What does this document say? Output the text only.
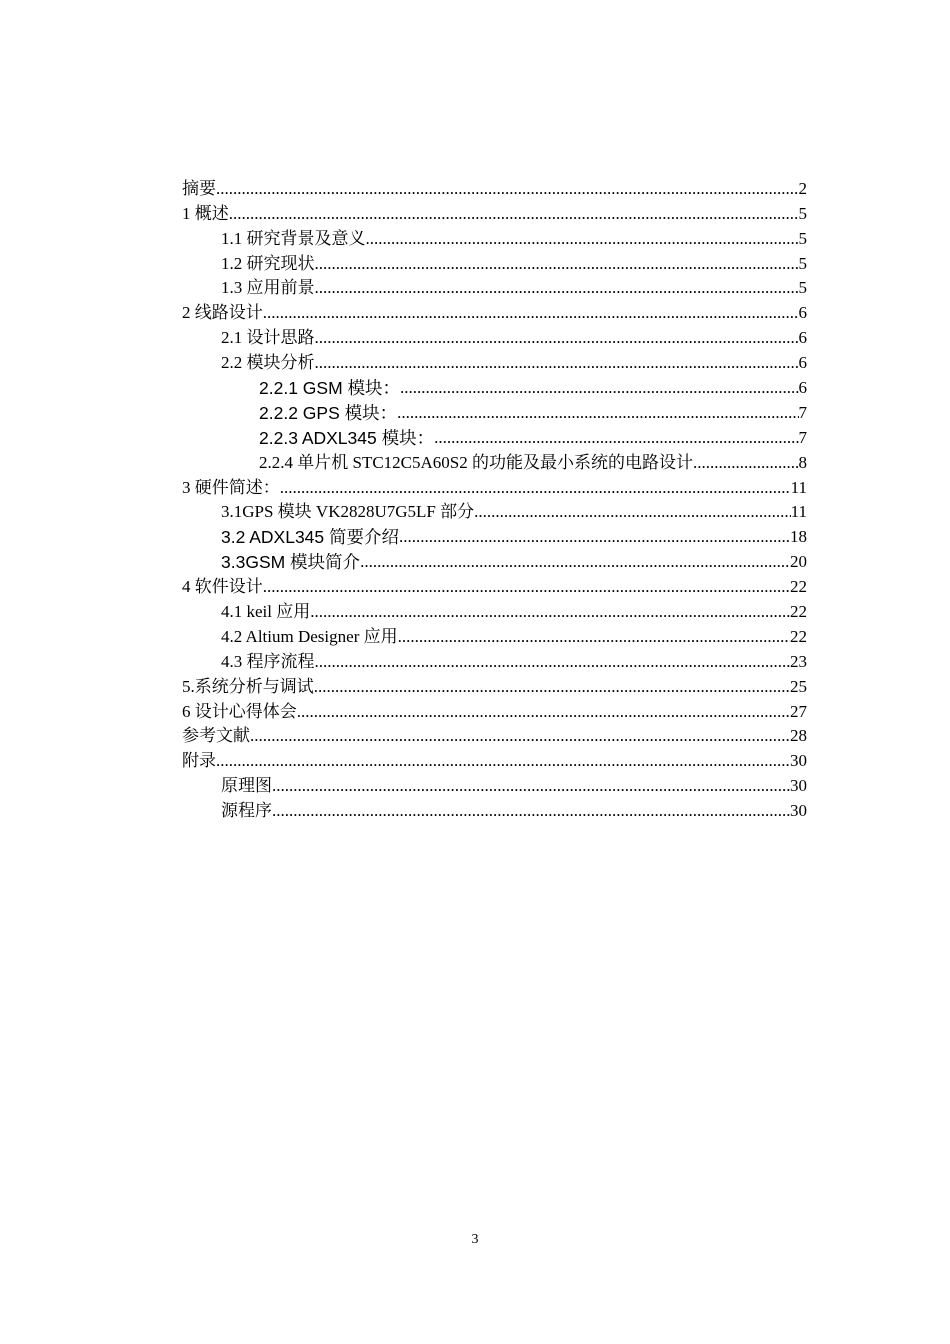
摘要 .....	2
1 概述 .....	5
1.1 研究背景及意义 .....	5
1.2 研究现状 .....	5
1.3 应用前景 .....	5
2 线路设计 .....	6
2.1 设计思路 .....	6
2.2 模块分析 .....	6
2.2.1 GSM 模块： .....	6
2.2.2 GPS 模块： .....	7
2.2.3 ADXL345 模块： .....	7
2.2.4 单片机 STC12C5A60S2 的功能及最小系统的电路设计 .....	8
3 硬件简述： .....	11
3.1GPS 模块 VK2828U7G5LF 部分 .....	11
3.2 ADXL345 简要介绍 .....	18
3.3GSM 模块简介 .....	20
4 软件设计 .....	22
4.1 keil 应用 .....	22
4.2 Altium Designer 应用 .....	22
4.3 程序流程 .....	23
5.系统分析与调试 .....	25
6 设计心得体会 .....	27
参考文献 .....	28
附录 .....	30
原理图 .....	30
源程序 .....	30
3
